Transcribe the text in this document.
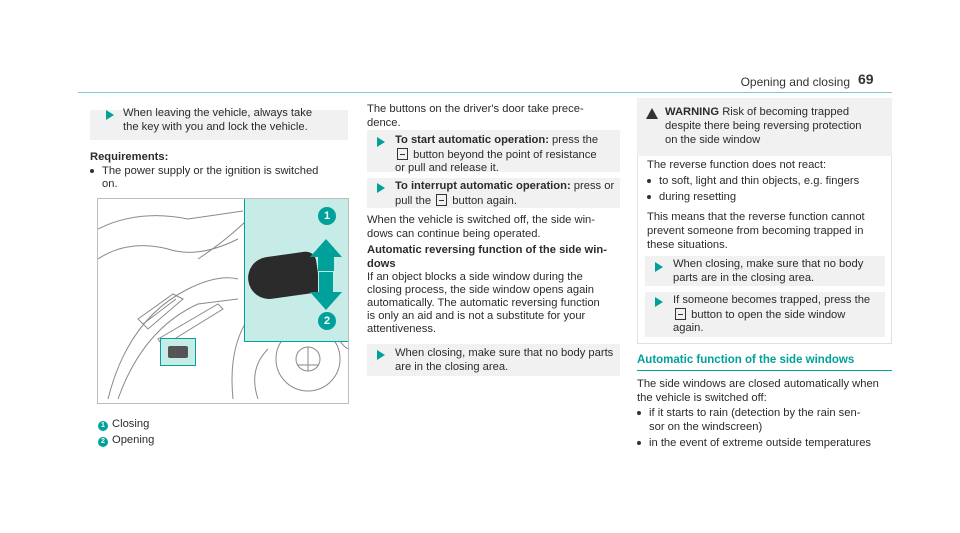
Opening and closing 69
When leaving the vehicle, always take
the key with you and lock the vehicle.
Requirements:
The power supply or the ignition is switched
on.
1
2
1 Closing
2 Opening
The buttons on the driver's door take prece-
dence.
To start automatic operation: press the
button beyond the point of resistance
or pull and release it.
To interrupt automatic operation: press or
pull the button again.
When the vehicle is switched off, the side win-
dows can continue being operated.
Automatic reversing function of the side win-
dows
If an object blocks a side window during the
closing process, the side window opens again
automatically. The automatic reversing function
is only an aid and is not a substitute for your
attentiveness.
When closing, make sure that no body parts
are in the closing area.
WARNING Risk of becoming trapped
despite there being reversing protection
on the side window
The reverse function does not react:
to soft, light and thin objects, e.g. fingers
during resetting
This means that the reverse function cannot
prevent someone from becoming trapped in
these situations.
When closing, make sure that no body
parts are in the closing area.
If someone becomes trapped, press the
button to open the side window
again.
Automatic function of the side windows
The side windows are closed automatically when
the vehicle is switched off:
if it starts to rain (detection by the rain sen-
sor on the windscreen)
in the event of extreme outside temperatures
